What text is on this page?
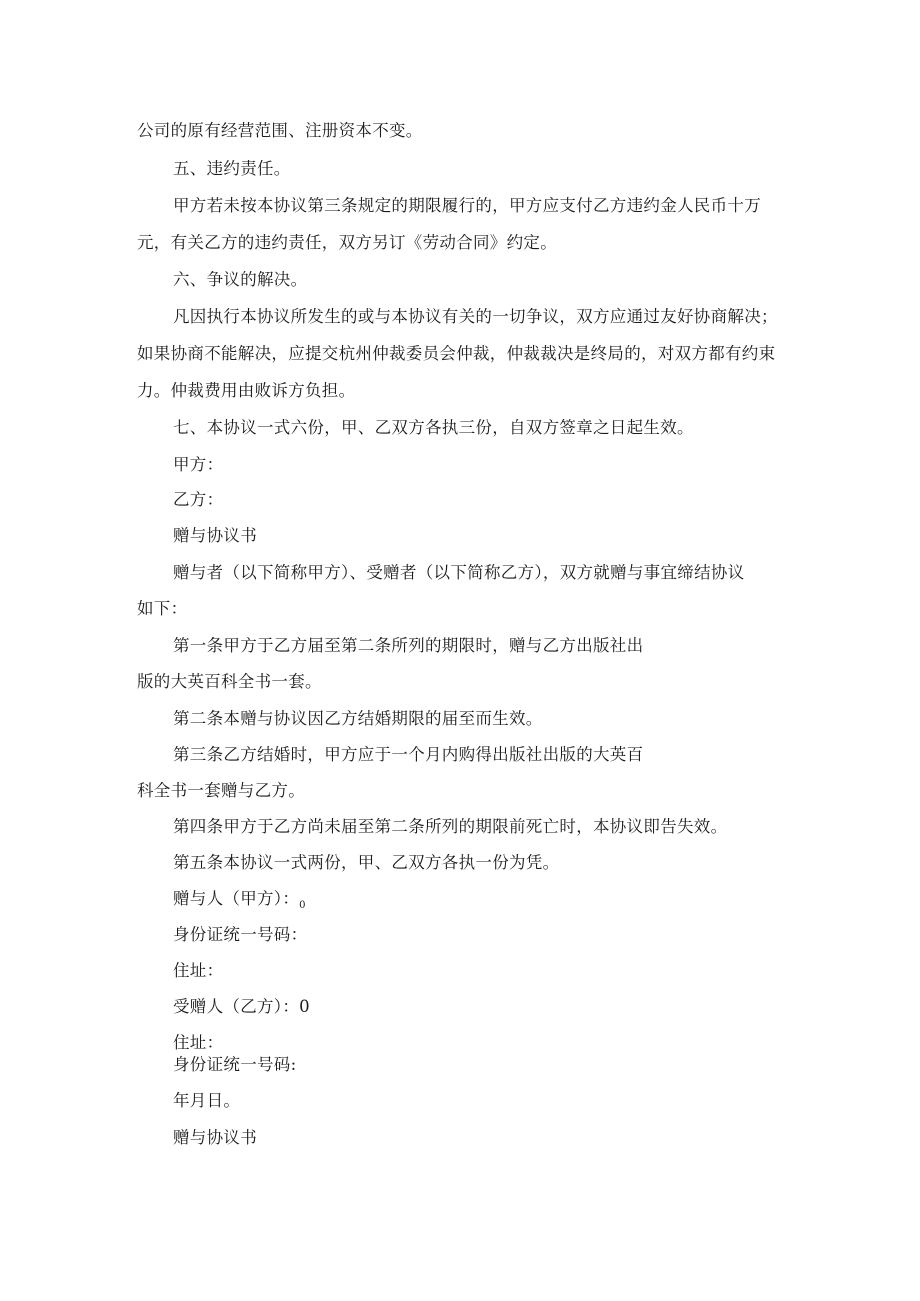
公司的原有经营范围、注册资本不变。
五、违约责任。
甲方若未按本协议第三条规定的期限履行的，甲方应支付乙方违约金人民币十万
元，有关乙方的违约责任，双方另订《劳动合同》约定。
六、争议的解决。
凡因执行本协议所发生的或与本协议有关的一切争议，双方应通过友好协商解决；
如果协商不能解决，应提交杭州仲裁委员会仲裁，仲裁裁决是终局的，对双方都有约束
力。仲裁费用由败诉方负担。
七、本协议一式六份，甲、乙双方各执三份，自双方签章之日起生效。
甲方：
乙方：
赠与协议书
赠与者（以下简称甲方）、受赠者（以下简称乙方），双方就赠与事宜缔结协议
如下：
第一条甲方于乙方届至第二条所列的期限时，赠与乙方出版社出
版的大英百科全书一套。
第二条本赠与协议因乙方结婚期限的届至而生效。
第三条乙方结婚时，甲方应于一个月内购得出版社出版的大英百
科全书一套赠与乙方。
第四条甲方于乙方尚未届至第二条所列的期限前死亡时，本协议即告失效。
第五条本协议一式两份，甲、乙双方各执一份为凭。
赠与人（甲方）：$_0$
身份证统一号码：
住址：
受赠人（乙方）：0
住址：
身份证统一号码:
年月日。
赠与协议书
